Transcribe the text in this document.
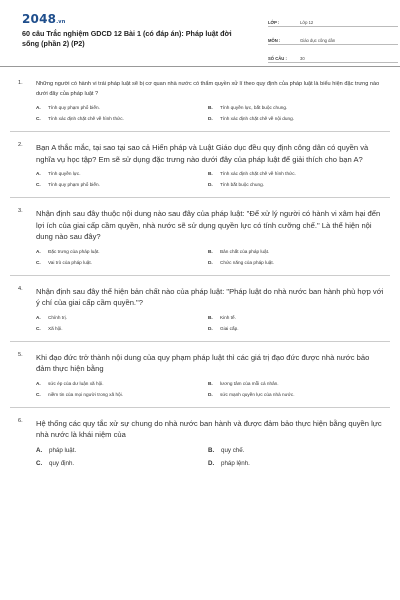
2048.vn
60 câu Trắc nghiệm GDCD 12 Bài 1 (có đáp án): Pháp luật đời sống (phần 2) (P2)
LỚP :	Lớp 12
MÔN :	Giáo dục công dân
SỐ CÂU :	30
1. Những người có hành vi trái pháp luật sẽ bị cơ quan nhà nước có thẩm quyền xử lí theo quy định của pháp luật là biểu hiện đặc trưng nào dưới đây của pháp luật ?
A.	Tính quy phạm phổ biến.	B.	Tính quyền lực, bắt buộc chung.
C.	Tính xác định chặt chẽ về hình thức.	D.	Tính xác định chặt chẽ về nội dung.
2. Bạn A thắc mắc, tại sao tại sao cả Hiến pháp và Luật Giáo dục đều quy định công dân có quyền và nghĩa vụ học tập? Em sẽ sử dụng đặc trưng nào dưới đây của pháp luật để giải thích cho bạn A?
A.	Tính quyền lực.	B.	Tính xác định chặt chẽ về hình thức.
C.	Tính quy phạm phổ biến.	D.	Tính bắt buộc chung.
3. Nhận định sau đây thuộc nội dung nào sau đây của pháp luật: "Để xử lý người có hành vi xâm hại đến lợi ích của giai cấp cầm quyền, nhà nước sẽ sử dụng quyền lực có tính cưỡng chế." Là thể hiện nội dung nào sau đây?
A.	Đặc trưng của pháp luật.	B.	Bản chất của pháp luật.
C.	Vai trò của pháp luật.	D.	Chức năng của pháp luật.
4. Nhận định sau đây thể hiện bản chất nào của pháp luật: "Pháp luật do nhà nước ban hành phù hợp với ý chí của giai cấp cầm quyền."?
A.	Chính trị.	B.	Kinh tế.
C.	Xã hội.	D.	Giai cấp.
5. Khi đạo đức trở thành nội dung của quy phạm pháp luật thì các giá trị đạo đức được nhà nước bảo đảm thực hiện bằng
A.	sức ép của dư luận xã hội.	B.	lương tâm của mỗi cá nhân.
C.	niềm tin của mọi người trong xã hội.	D.	sức mạnh quyền lực của nhà nước.
6. Hệ thống các quy tắc xử sự chung do nhà nước ban hành và được đảm bảo thực hiện bằng quyền lực nhà nước là khái niệm của
A.	pháp luật.	B.	quy chế.
C.	quy định.	D.	pháp lệnh.
